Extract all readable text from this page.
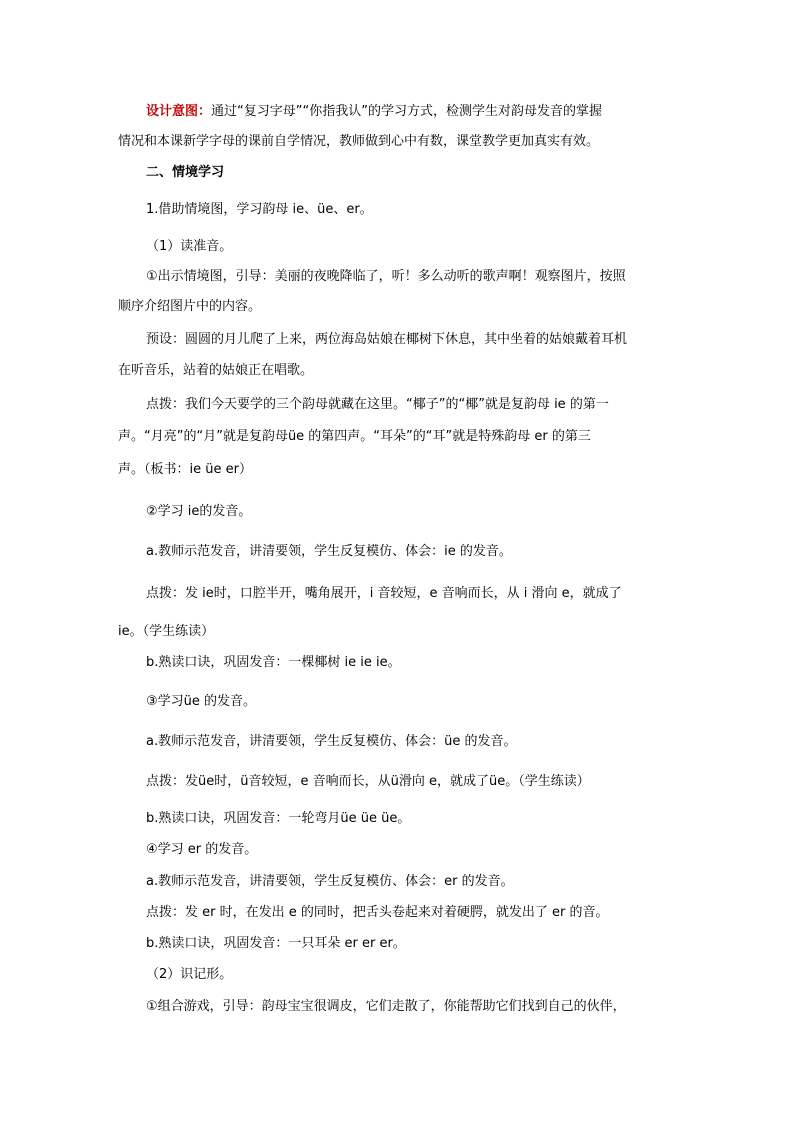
设计意图：通过“复习字母”“你指我认”的学习方式，检测学生对韵母发音的掌握
情况和本课新学字母的课前自学情况，教师做到心中有数，课堂教学更加真实有效。
二、情境学习
1.借助情境图，学习韵母 ie、üe、er。
（1）读准音。
①出示情境图，引导：美丽的夜晚降临了，听！多么动听的歌声啊！观察图片，按照
顺序介绍图片中的内容。
预设：圆圆的月儿爬了上来，两位海岛姑娘在椰树下休息，其中坐着的姑娘戴着耳机
在听音乐，站着的姑娘正在唱歌。
点拨：我们今天要学的三个韵母就藏在这里。“椰子”的“椰”就是复韵母 ie 的第一
声。“月亮”的“月”就是复韵母üe 的第四声。“耳朵”的“耳”就是特殊韵母 er 的第三
声。（板书：ie üe er）
②学习 ie的发音。
a.教师示范发音，讲清要领，学生反复模仿、体会：ie 的发音。
点拨：发 ie时，口腔半开，嘴角展开，i 音较短，e 音响而长，从 i 滑向 e，就成了
ie。（学生练读）
b.熟读口诀，巩固发音：一棵椰树 ie ie ie。
③学习üe 的发音。
a.教师示范发音，讲清要领，学生反复模仿、体会：üe 的发音。
点拨：发üe时，ü音较短，e 音响而长，从ü滑向 e，就成了üe。（学生练读）
b.熟读口诀，巩固发音：一轮弯月üe üe üe。
④学习 er 的发音。
a.教师示范发音，讲清要领，学生反复模仿、体会：er 的发音。
点拨：发 er 时，在发出 e 的同时，把舌头卷起来对着硬腭，就发出了 er 的音。
b.熟读口诀，巩固发音：一只耳朵 er er er。
（2）识记形。
①组合游戏，引导：韵母宝宝很调皮，它们走散了，你能帮助它们找到自己的伙伴，
